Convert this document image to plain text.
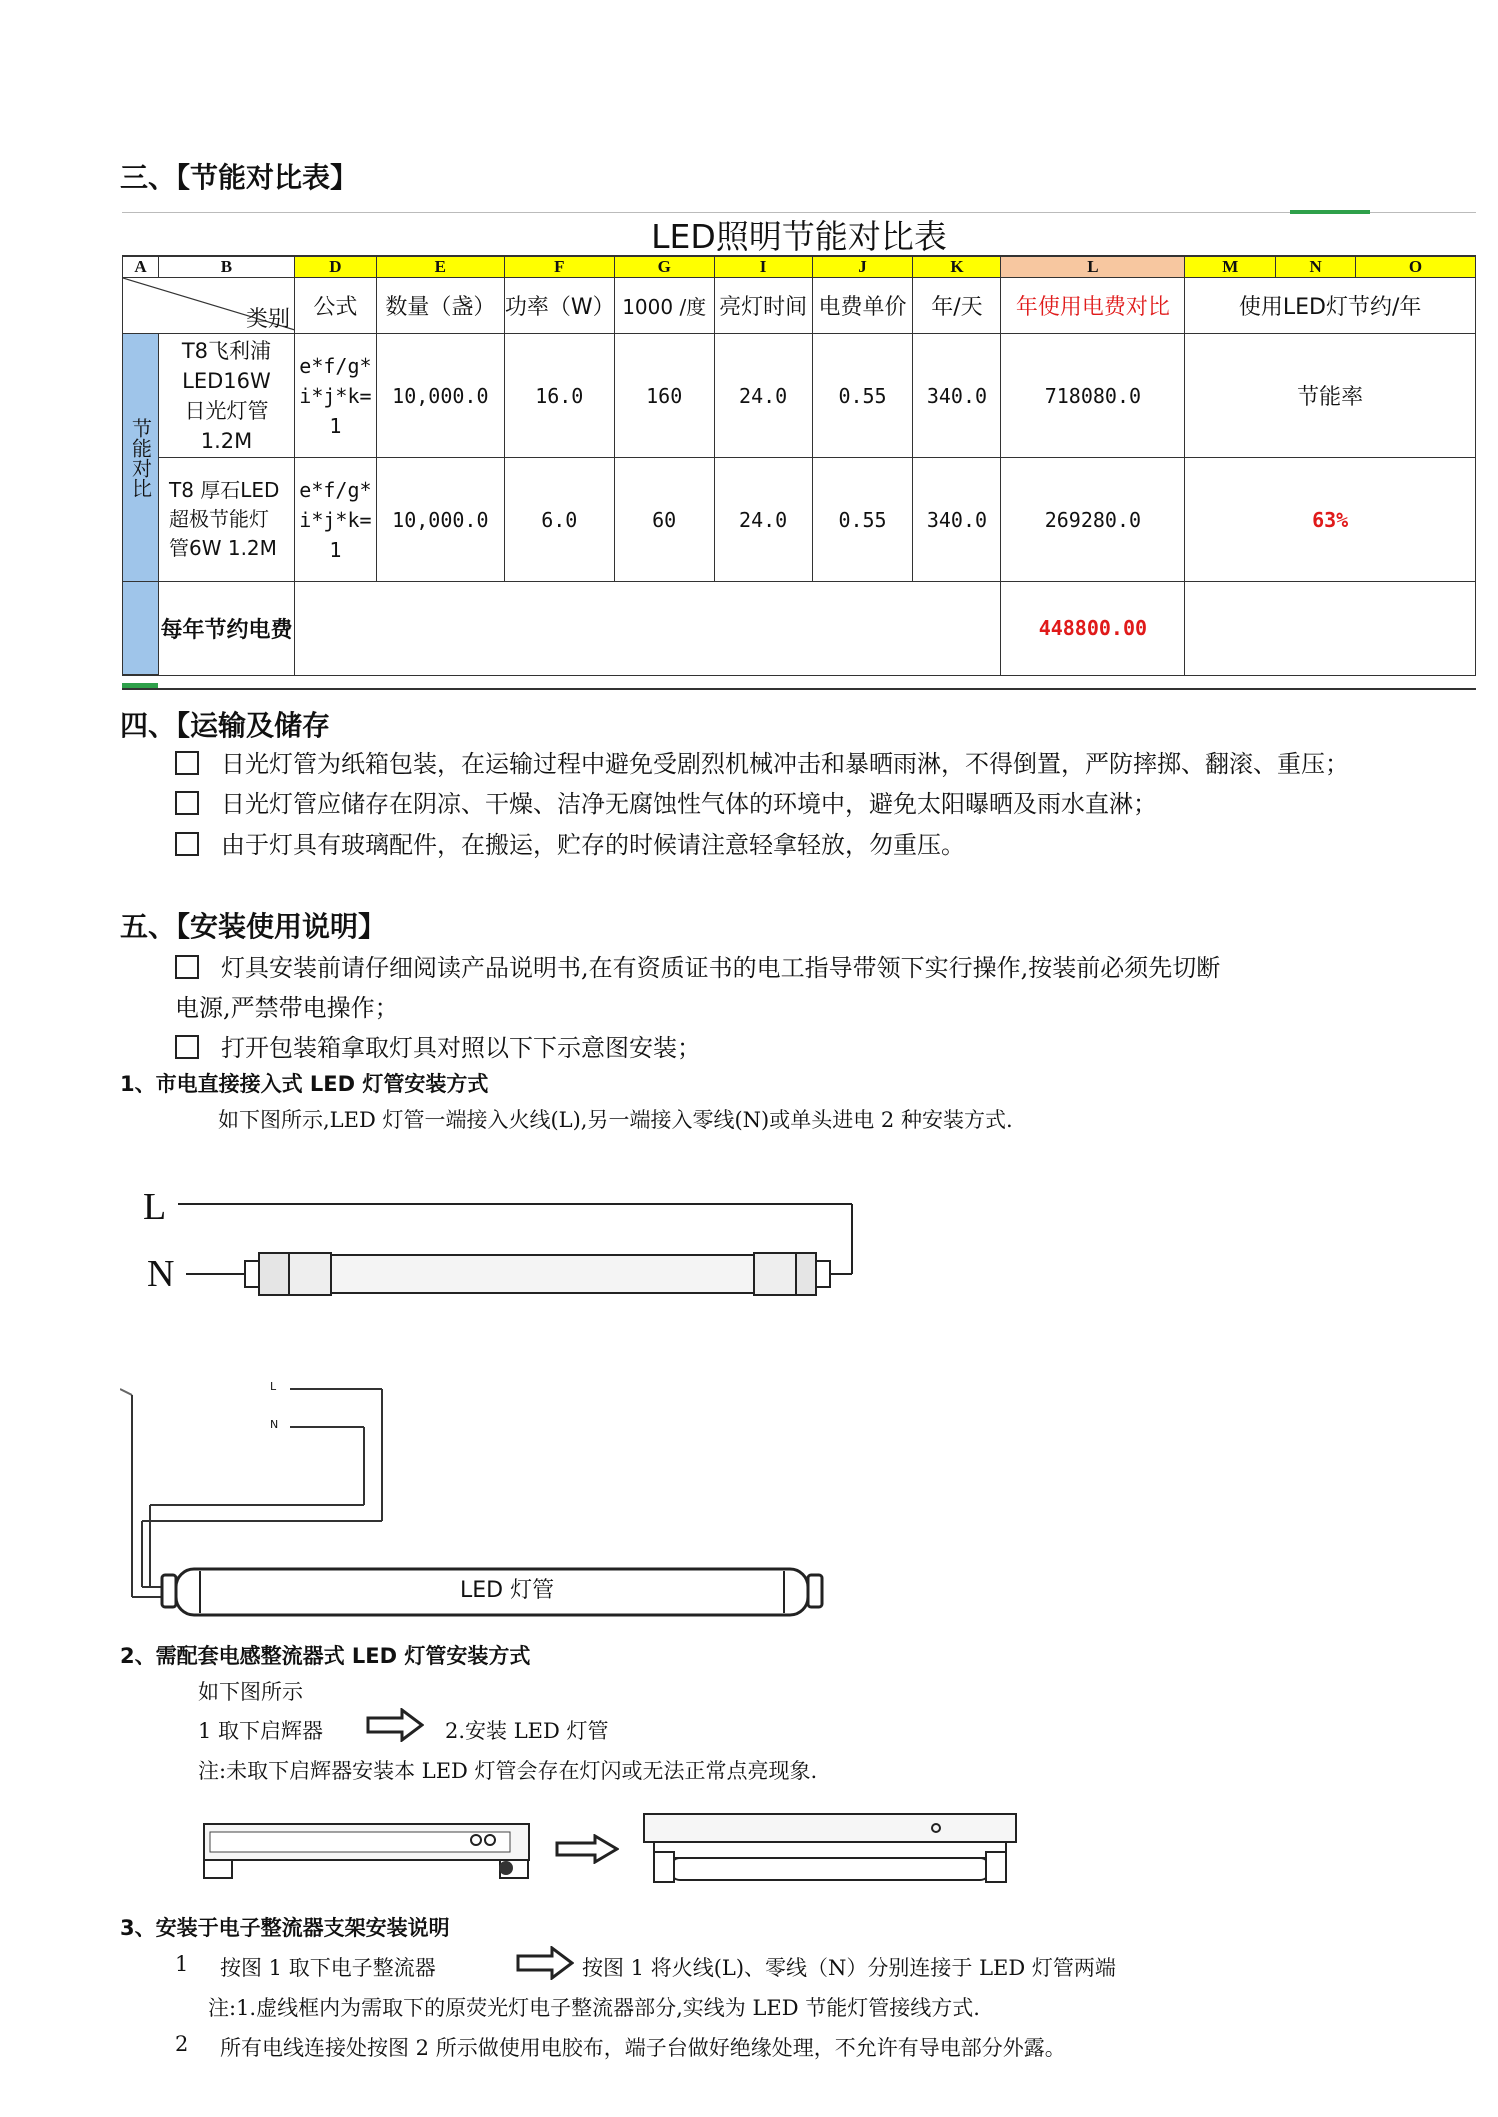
三、【节能对比表】
LED照明节能对比表
A	B	D	E	F	G	I	J	K	L	M	N	O

类别		公式	数量（盏）	功率（W）	1000 /度	亮灯时间	电费单价	年/天	年使用电费对比	使用LED灯节约/年		
节能对比	T8飞利浦LED16W日光灯管1.2M	e*f/g*i*j*k=1	10,000.0	16.0	160	24.0	0.55	340.0	718080.0	节能率		
	T8 厚石LED超极节能灯管6W 1.2M	e*f/g*i*j*k=1	10,000.0	6.0	60	24.0	0.55	340.0	269280.0	63%		
	每年节约电费								448800.00			
四、【运输及储存
日光灯管为纸箱包装，在运输过程中避免受剧烈机械冲击和暴晒雨淋，不得倒置，严防摔掷、翻滚、重压；
日光灯管应储存在阴凉、干燥、洁净无腐蚀性气体的环境中，避免太阳曝晒及雨水直淋；
由于灯具有玻璃配件，在搬运，贮存的时候请注意轻拿轻放，勿重压。
五、【安装使用说明】
灯具安装前请仔细阅读产品说明书,在有资质证书的电工指导带领下实行操作,按装前必须先切断
电源,严禁带电操作；
打开包装箱拿取灯具对照以下下示意图安装；
1、市电直接接入式 LED 灯管安装方式
如下图所示,LED 灯管一端接入火线(L),另一端接入零线(N)或单头进电 2 种安装方式.
L
N
L
N
LED 灯管
2、需配套电感整流器式 LED 灯管安装方式
如下图所示
1 取下启辉器	2.安装 LED 灯管
注:未取下启辉器安装本 LED 灯管会存在灯闪或无法正常点亮现象.
3、安装于电子整流器支架安装说明
1 按图 1 取下电子整流器	按图 1 将火线(L)、零线（N）分别连接于 LED 灯管两端
注:1.虚线框内为需取下的原荧光灯电子整流器部分,实线为 LED 节能灯管接线方式.
2 所有电线连接处按图 2 所示做使用电胶布，端子台做好绝缘处理，不允许有导电部分外露。
